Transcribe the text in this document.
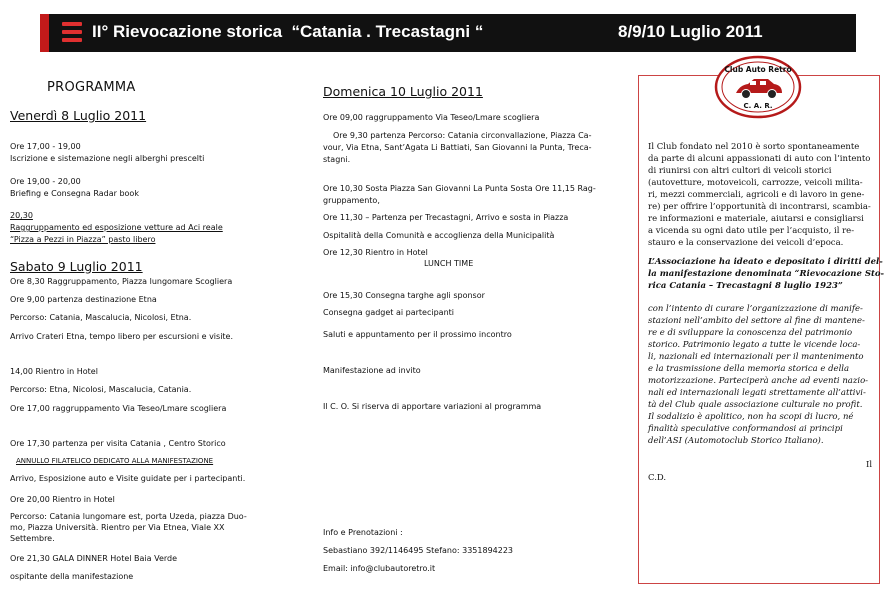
II° Rievocazione storica  “Catania . Trecastagni “	8/9/10 Luglio 2011
PROGRAMMA
Venerdì 8 Luglio 2011
Ore 17,00 - 19,00
Iscrizione e sistemazione negli alberghi prescelti
Ore 19,00 - 20,00
Briefing e Consegna Radar book
20,30
Raggruppamento ed esposizione vetture ad Aci reale
“Pizza a Pezzi in Piazza” pasto libero
Sabato 9 Luglio 2011
Ore 8,30 Raggruppamento, Piazza lungomare Scogliera
Ore 9,00 partenza destinazione Etna
Percorso: Catania, Mascalucia, Nicolosi, Etna.
Arrivo Crateri Etna, tempo libero per escursioni e visite.
14,00 Rientro in Hotel
Percorso: Etna, Nicolosi, Mascalucia, Catania.
Ore 17,00 raggruppamento Via Teseo/Lmare scogliera
Ore 17,30 partenza per visita Catania , Centro Storico
ANNULLO FILATELICO DEDICATO ALLA MANIFESTAZIONE
Arrivo, Esposizione auto e Visite guidate per i partecipanti.
Ore 20,00 Rientro in Hotel
Percorso: Catania lungomare est, porta Uzeda, piazza Duo-
mo, Piazza Università. Rientro per Via Etnea, Viale XX
Settembre.
Ore 21,30 GALA DINNER Hotel Baia Verde
ospitante della manifestazione
Domenica 10 Luglio 2011
Ore 09,00 raggruppamento Via Teseo/Lmare scogliera
Ore 9,30 partenza Percorso: Catania circonvallazione, Piazza Ca-
vour, Via Etna, Sant’Agata Li Battiati, San Giovanni la Punta, Treca-
stagni.
Ore 10,30 Sosta Piazza San Giovanni La Punta Sosta Ore 11,15 Rag-
gruppamento,
Ore 11,30 – Partenza per Trecastagni, Arrivo e sosta in Piazza
Ospitalità della Comunità e accoglienza della Municipalità
Ore 12,30 Rientro in Hotel
LUNCH TIME
Ore 15,30 Consegna targhe agli sponsor
Consegna gadget ai partecipanti
Saluti e appuntamento per il prossimo incontro
Manifestazione ad invito
Il C. O. Si riserva di apportare variazioni al programma
Info e Prenotazioni :
Sebastiano 392/1146495 Stefano: 3351894223
Email: info@clubautoretro.it
Club Auto Retrò
C. A. R.
Il Club fondato nel 2010 è sorto spontaneamente
da parte di alcuni appassionati di auto con l’intento
di riunirsi con altri cultori di veicoli storici
(autovetture, motoveicoli, carrozze, veicoli milita-
ri, mezzi commerciali, agricoli e di lavoro in gene-
re) per offrire l’opportunità di incontrarsi, scambia-
re informazioni e materiale, aiutarsi e consigliarsi
a vicenda su ogni dato utile per l’acquisto, il re-
stauro e la conservazione dei veicoli d’epoca.
L’Associazione ha ideato e depositato i diritti del-
la manifestazione denominata “Rievocazione Sto-
rica Catania – Trecastagni 8 luglio 1923”
con l’intento di curare l’organizzazione di manife-
stazioni nell’ambito del settore al fine di mantene-
re e di sviluppare la conoscenza del patrimonio
storico. Patrimonio legato a tutte le vicende loca-
li, nazionali ed internazionali per il mantenimento
e la trasmissione della memoria storica e della
motorizzazione. Parteciperà anche ad eventi nazio-
nali ed internazionali legati strettamente all’attivi-
tà del Club quale associazione culturale no profit.
Il sodalizio è apolitico, non ha scopi di lucro, né
finalità speculative conformandosi ai principi
dell’ASI (Automotoclub Storico Italiano).
Il
C.D.
